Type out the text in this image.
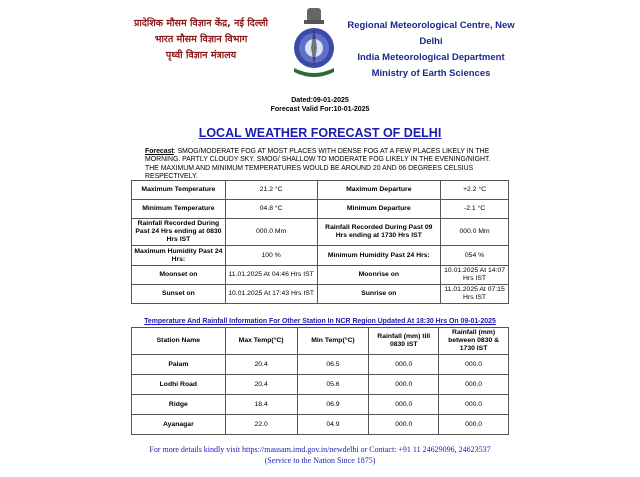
प्रादेशिक मौसम विज्ञान केंद्र, नई दिल्ली
भारत मौसम विज्ञान विभाग
पृथ्वी विज्ञान मंत्रालय
Regional Meteorological Centre, New Delhi
India Meteorological Department
Ministry of Earth Sciences
Dated:09-01-2025
Forecast Valid For:10-01-2025
LOCAL WEATHER FORECAST OF DELHI
Forecast: SMOG/MODERATE FOG AT MOST PLACES WITH DENSE FOG AT A FEW PLACES LIKELY IN THE MORNING. PARTLY CLOUDY SKY. SMOG/ SHALLOW TO MODERATE FOG LIKELY IN THE EVENING/NIGHT. THE MAXIMUM AND MINIMUM TEMPERATURES WOULD BE AROUND 20 AND 06 DEGREES CELSIUS RESPECTIVELY.
Maximum Temperature	21.2 °C	Maximum Departure	+2.2 °C
Minimum Temperature	04.8 °C	Minimum Departure	-2.1 °C
Rainfall Recorded During Past 24 Hrs ending at 0830 Hrs IST	000.0 Mm	Rainfall Recorded During Past 09 Hrs ending at 1730 Hrs IST	000.0 Mm
Maximum Humidity Past 24 Hrs:	100 %	Minimum Humidity Past 24 Hrs:	054 %
Moonset on	11.01.2025 At 04:46 Hrs IST	Moonrise on	10.01.2025 At 14:07 Hrs IST
Sunset on	10.01.2025 At 17:43 Hrs IST	Sunrise on	11.01.2025 At 07:15 Hrs IST
Temperature And Rainfall Information For Other Station In NCR Region Updated At 18:30 Hrs On 09-01-2025
Station Name	Max Temp(°C)	Min Temp(°C)	Rainfall (mm) till 0830 IST	Rainfall (mm) between 0830 & 1730 IST
Palam	20.4	06.5	000.0	000.0
Lodhi Road	20.4	05.6	000.0	000.0
Ridge	18.4	06.9	000.0	000.0
Ayanagar	22.0	04.9	000.0	000.0
For more details kindly visit https://mausam.imd.gov.in/newdelhi or Contact: +91 11 24629096, 24623537
(Service to the Nation Since 1875)
